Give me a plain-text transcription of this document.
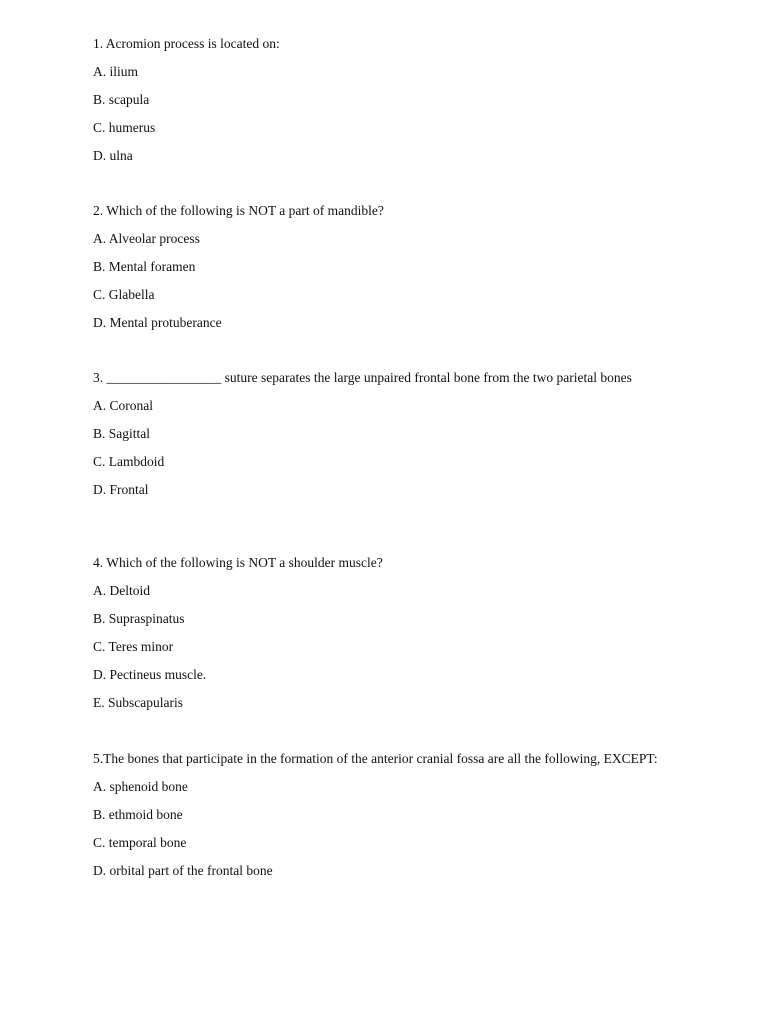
1. Acromion process is located on:

A. ilium

B. scapula

C. humerus

D. ulna

2. Which of the following is NOT a part of mandible?

A. Alveolar process

B. Mental foramen

C. Glabella

D. Mental protuberance

3. _________________ suture separates the large unpaired frontal bone from the two parietal bones

A. Coronal

B. Sagittal

C. Lambdoid

D. Frontal

4. Which of the following is NOT a shoulder muscle?

A. Deltoid

B. Supraspinatus

C. Teres minor

D. Pectineus muscle.

E. Subscapularis

5.The bones that participate in the formation of the anterior cranial fossa are all the following, EXCEPT:

A. sphenoid bone

B. ethmoid bone

C. temporal bone

D. orbital part of the frontal bone
